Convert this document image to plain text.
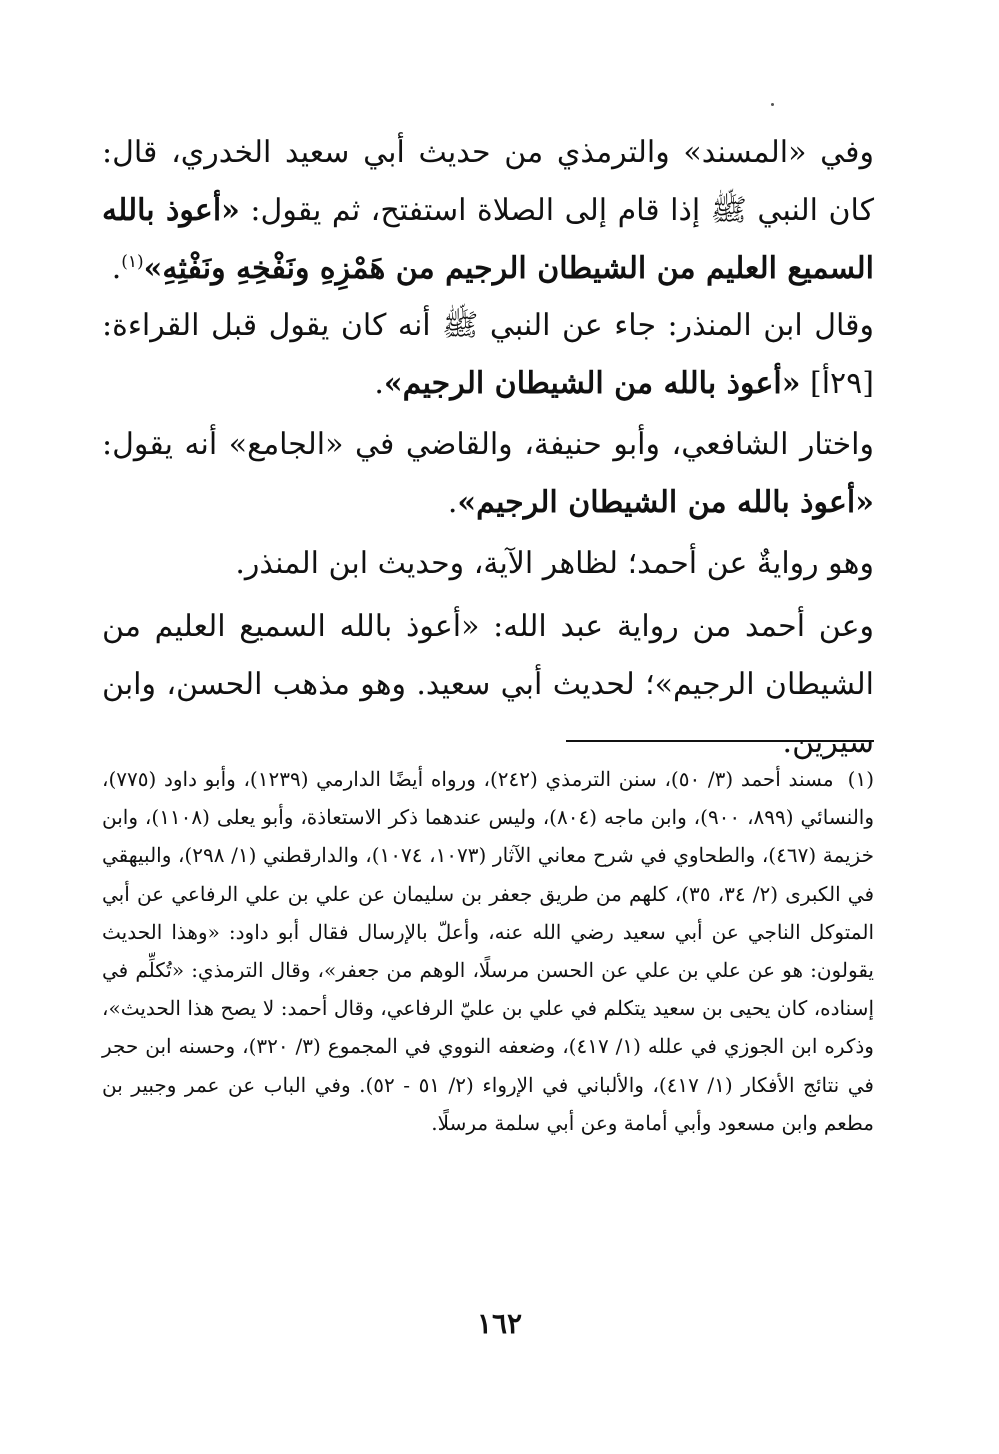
وفي «المسند» والترمذي من حديث أبي سعيد الخدري، قال: كان النبي ﷺ إذا قام إلى الصلاة استفتح، ثم يقول: «أعوذ بالله السميع العليم من الشيطان الرجيم من هَمْزِهِ ونَفْخِهِ ونَفْثِهِ»$^{(١)}$.

وقال ابن المنذر: جاء عن النبي ﷺ أنه كان يقول قبل القراءة: [٢٩أ] «أعوذ بالله من الشيطان الرجيم».

واختار الشافعي، وأبو حنيفة، والقاضي في «الجامع» أنه يقول: «أعوذ بالله من الشيطان الرجيم».

وهو روايةٌ عن أحمد؛ لظاهر الآية، وحديث ابن المنذر.

وعن أحمد من رواية عبد الله: «أعوذ بالله السميع العليم من الشيطان الرجيم»؛ لحديث أبي سعيد. وهو مذهب الحسن، وابن سيرين.

(١)مسند أحمد (٣/ ٥٠)، سنن الترمذي (٢٤٢)، ورواه أيضًا الدارمي (١٢٣٩)، وأبو داود (٧٧٥)، والنسائي (٨٩٩، ٩٠٠)، وابن ماجه (٨٠٤)، وليس عندهما ذكر الاستعاذة، وأبو يعلى (١١٠٨)، وابن خزيمة (٤٦٧)، والطحاوي في شرح معاني الآثار (١٠٧٣، ١٠٧٤)، والدارقطني (١/ ٢٩٨)، والبيهقي في الكبرى (٢/ ٣٤، ٣٥)، كلهم من طريق جعفر بن سليمان عن علي بن علي الرفاعي عن أبي المتوكل الناجي عن أبي سعيد رضي الله عنه، وأعلّ بالإرسال فقال أبو داود: «وهذا الحديث يقولون: هو عن علي بن علي عن الحسن مرسلًا، الوهم من جعفر»، وقال الترمذي: «تُكلِّم في إسناده، كان يحيى بن سعيد يتكلم في علي بن عليّ الرفاعي، وقال أحمد: لا يصح هذا الحديث»، وذكره ابن الجوزي في علله (١/ ٤١٧)، وضعفه النووي في المجموع (٣/ ٣٢٠)، وحسنه ابن حجر في نتائج الأفكار (١/ ٤١٧)، والألباني في الإرواء (٢/ ٥١ - ٥٢). وفي الباب عن عمر وجبير بن مطعم وابن مسعود وأبي أمامة وعن أبي سلمة مرسلًا.

١٦٢
